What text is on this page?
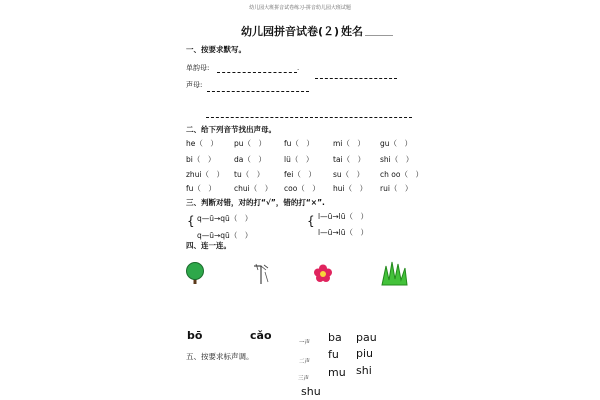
幼儿园大班拼音试卷练习-拼音幼儿园大班试题
幼儿园拼音试卷(２) 姓名
一、按要求默写。
单韵母:	.
声母:
二、给下列音节找出声母。
he（　） pu（　） fu（　）	mi（　） gu（　）
bi（　） da（　） lü（　）	tai（　） shi（　）
zhui（　） tu（　）	fei（　） su（　） ch oo（　）
fu（　） chui（　） coo（　） hui（　） rui（　）
三、判断对错，对的打“√”，错的打“×”.
{ q—ū→qū（　）
q—ū→qū（　）
{ l—ū→lū（　）
l—ū→lū（　）
四、连一连。
bō	cǎo
五、按要求标声调。
一声
二声
三声
ba pau
fu piu
mu shi
shu
